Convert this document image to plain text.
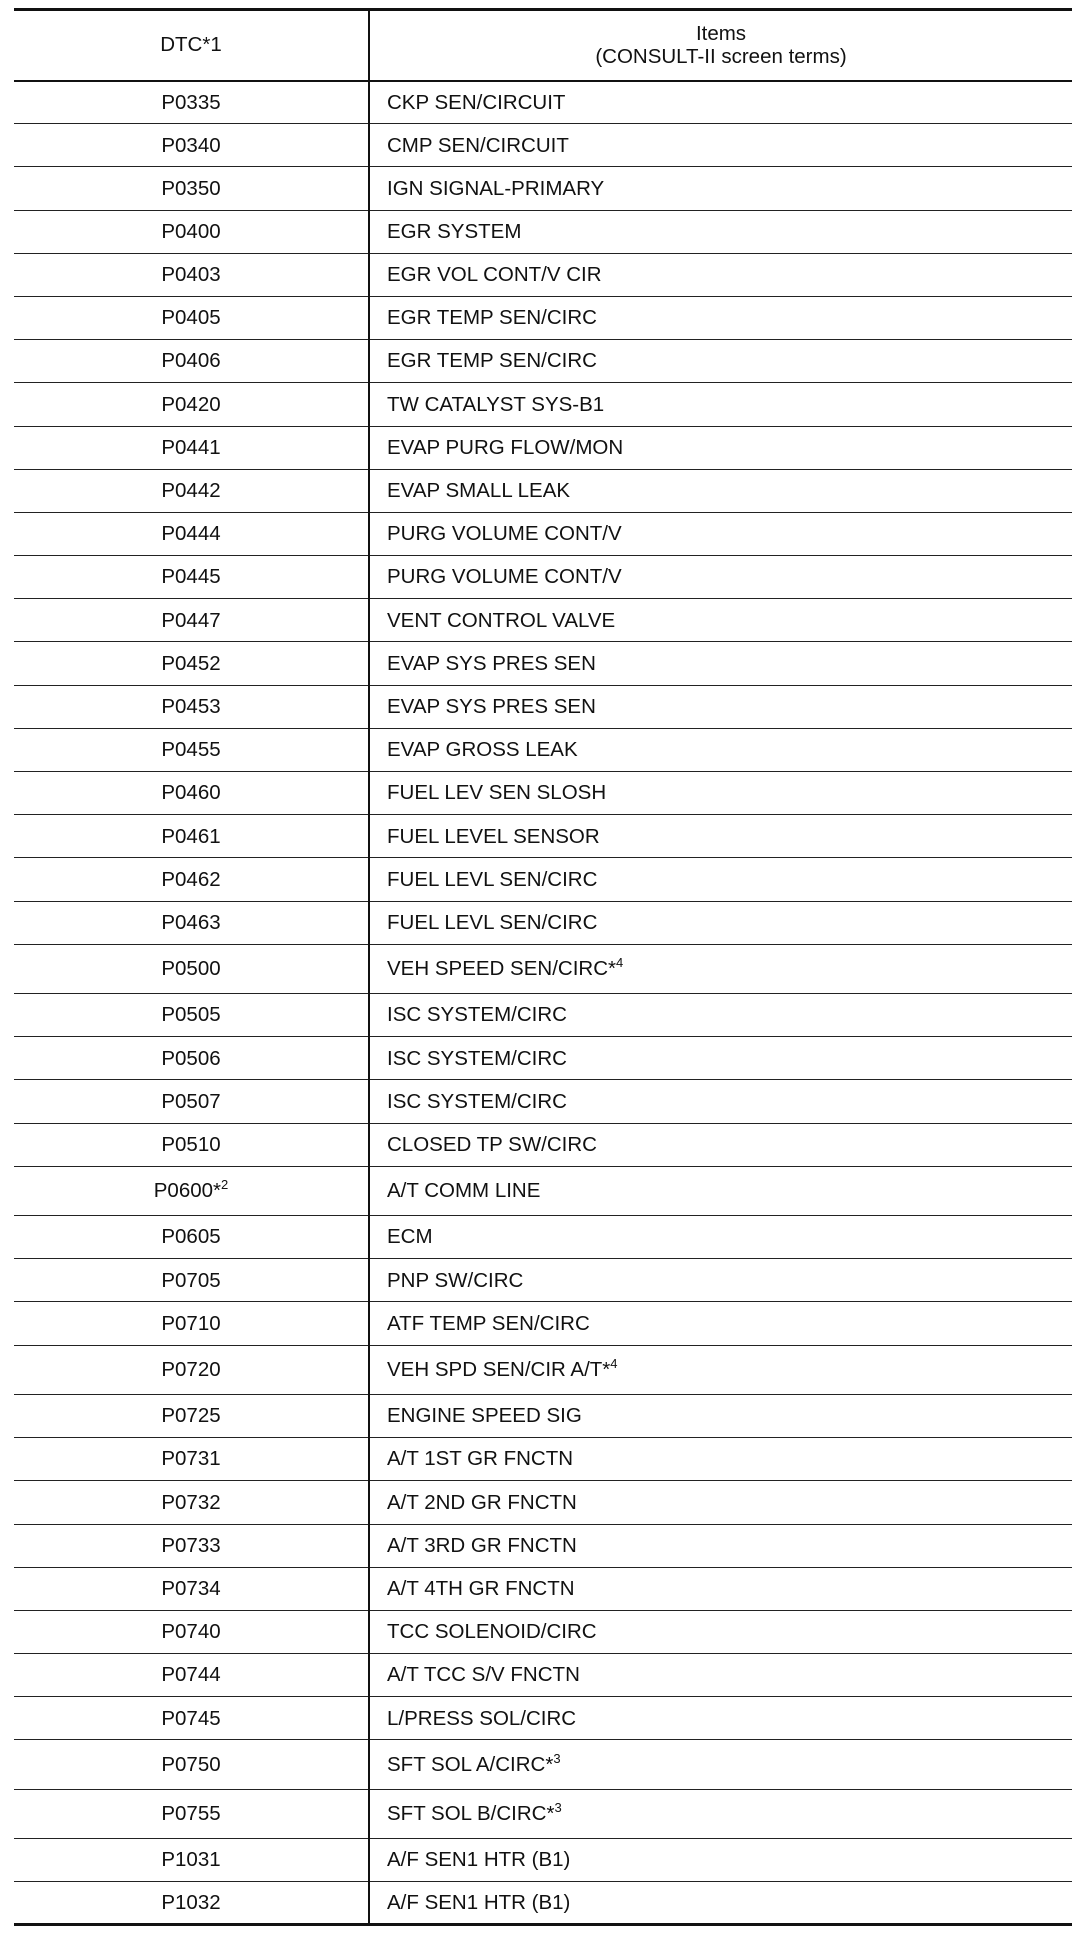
DTC*1	Items
(CONSULT-II screen terms)

P0335	CKP SEN/CIRCUIT
P0340	CMP SEN/CIRCUIT
P0350	IGN SIGNAL-PRIMARY
P0400	EGR SYSTEM
P0403	EGR VOL CONT/V CIR
P0405	EGR TEMP SEN/CIRC
P0406	EGR TEMP SEN/CIRC
P0420	TW CATALYST SYS-B1
P0441	EVAP PURG FLOW/MON
P0442	EVAP SMALL LEAK
P0444	PURG VOLUME CONT/V
P0445	PURG VOLUME CONT/V
P0447	VENT CONTROL VALVE
P0452	EVAP SYS PRES SEN
P0453	EVAP SYS PRES SEN
P0455	EVAP GROSS LEAK
P0460	FUEL LEV SEN SLOSH
P0461	FUEL LEVEL SENSOR
P0462	FUEL LEVL SEN/CIRC
P0463	FUEL LEVL SEN/CIRC
P0500	VEH SPEED SEN/CIRC*$^4$
P0505	ISC SYSTEM/CIRC
P0506	ISC SYSTEM/CIRC
P0507	ISC SYSTEM/CIRC
P0510	CLOSED TP SW/CIRC
P0600*$^2$	A/T COMM LINE
P0605	ECM
P0705	PNP SW/CIRC
P0710	ATF TEMP SEN/CIRC
P0720	VEH SPD SEN/CIR A/T*$^4$
P0725	ENGINE SPEED SIG
P0731	A/T 1ST GR FNCTN
P0732	A/T 2ND GR FNCTN
P0733	A/T 3RD GR FNCTN
P0734	A/T 4TH GR FNCTN
P0740	TCC SOLENOID/CIRC
P0744	A/T TCC S/V FNCTN
P0745	L/PRESS SOL/CIRC
P0750	SFT SOL A/CIRC*$^3$
P0755	SFT SOL B/CIRC*$^3$
P1031	A/F SEN1 HTR (B1)
P1032	A/F SEN1 HTR (B1)
